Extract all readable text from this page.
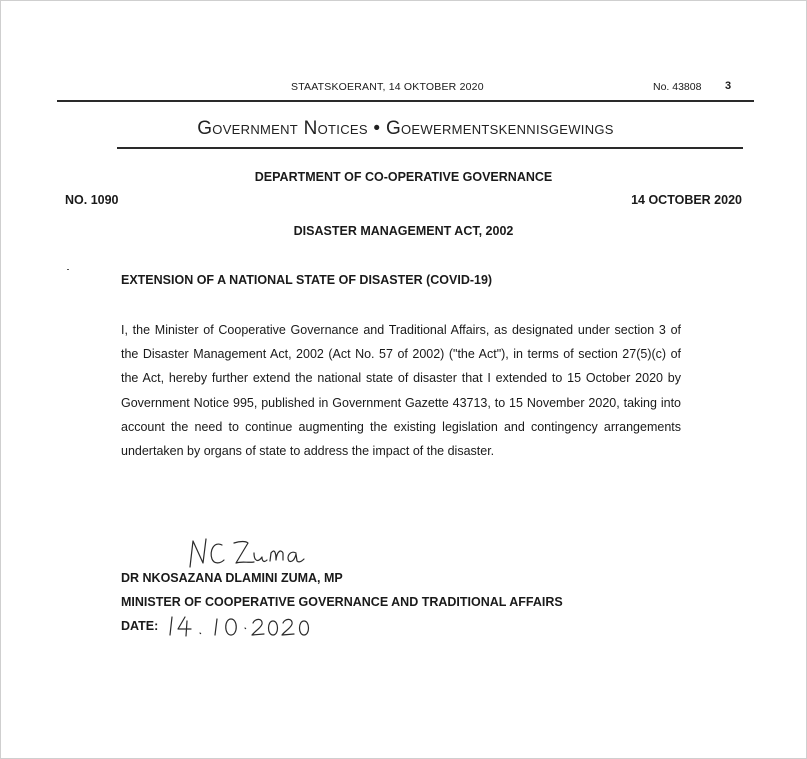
STAATSKOERANT, 14 OKTOBER 2020	No. 43808 3
Government Notices • Goewermentskennisgewings
DEPARTMENT OF CO-OPERATIVE GOVERNANCE
NO. 1090	14 OCTOBER 2020
DISASTER MANAGEMENT ACT, 2002
EXTENSION OF A NATIONAL STATE OF DISASTER (COVID-19)
I, the Minister of Cooperative Governance and Traditional Affairs, as designated under section 3 of the Disaster Management Act, 2002 (Act No. 57 of 2002) ("the Act"), in terms of section 27(5)(c) of the Act, hereby further extend the national state of disaster that I extended to 15 October 2020 by Government Notice 995, published in Government Gazette 43713, to 15 November 2020, taking into account the need to continue augmenting the existing legislation and contingency arrangements undertaken by organs of state to address the impact of the disaster.
DR NKOSAZANA DLAMINI ZUMA, MP
MINISTER OF COOPERATIVE GOVERNANCE AND TRADITIONAL AFFAIRS
DATE:
